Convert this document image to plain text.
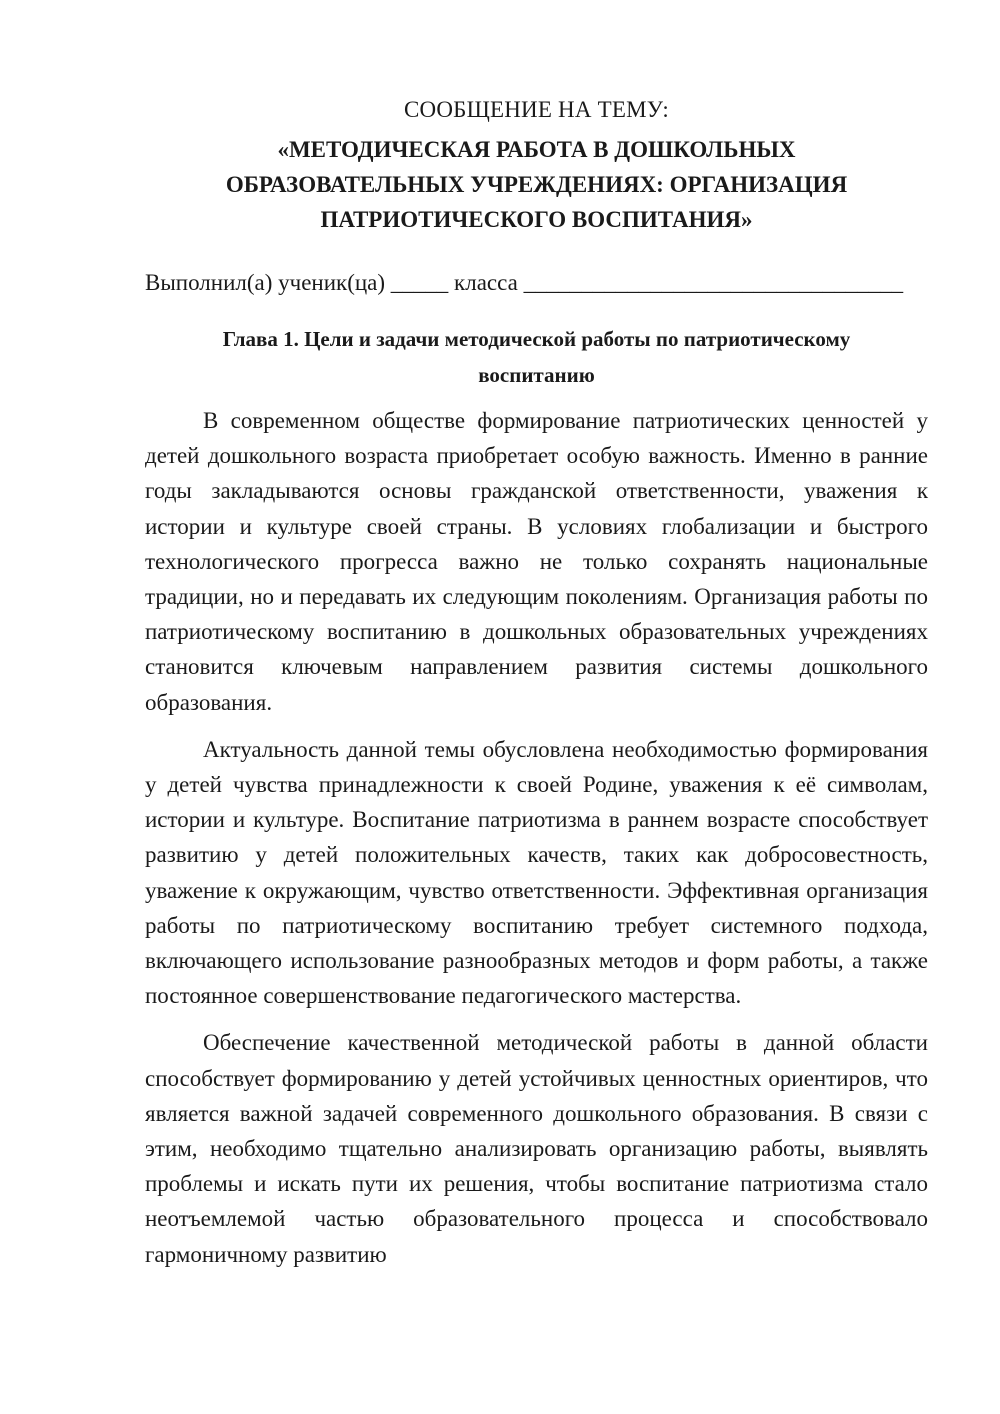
СООБЩЕНИЕ НА ТЕМУ:

«МЕТОДИЧЕСКАЯ РАБОТА В ДОШКОЛЬНЫХ ОБРАЗОВАТЕЛЬНЫХ УЧРЕЖДЕНИЯХ: ОРГАНИЗАЦИЯ ПАТРИОТИЧЕСКОГО ВОСПИТАНИЯ»

Выполнил(а) ученик(ца) _____ класса _________________________________

Глава 1. Цели и задачи методической работы по патриотическому воспитанию

В современном обществе формирование патриотических ценностей у детей дошкольного возраста приобретает особую важность. Именно в ранние годы закладываются основы гражданской ответственности, уважения к истории и культуре своей страны. В условиях глобализации и быстрого технологического прогресса важно не только сохранять национальные традиции, но и передавать их следующим поколениям. Организация работы по патриотическому воспитанию в дошкольных образовательных учреждениях становится ключевым направлением развития системы дошкольного образования.

Актуальность данной темы обусловлена необходимостью формирования у детей чувства принадлежности к своей Родине, уважения к её символам, истории и культуре. Воспитание патриотизма в раннем возрасте способствует развитию у детей положительных качеств, таких как добросовестность, уважение к окружающим, чувство ответственности. Эффективная организация работы по патриотическому воспитанию требует системного подхода, включающего использование разнообразных методов и форм работы, а также постоянное совершенствование педагогического мастерства.

Обеспечение качественной методической работы в данной области способствует формированию у детей устойчивых ценностных ориентиров, что является важной задачей современного дошкольного образования. В связи с этим, необходимо тщательно анализировать организацию работы, выявлять проблемы и искать пути их решения, чтобы воспитание патриотизма стало неотъемлемой частью образовательного процесса и способствовало гармоничному развитию
